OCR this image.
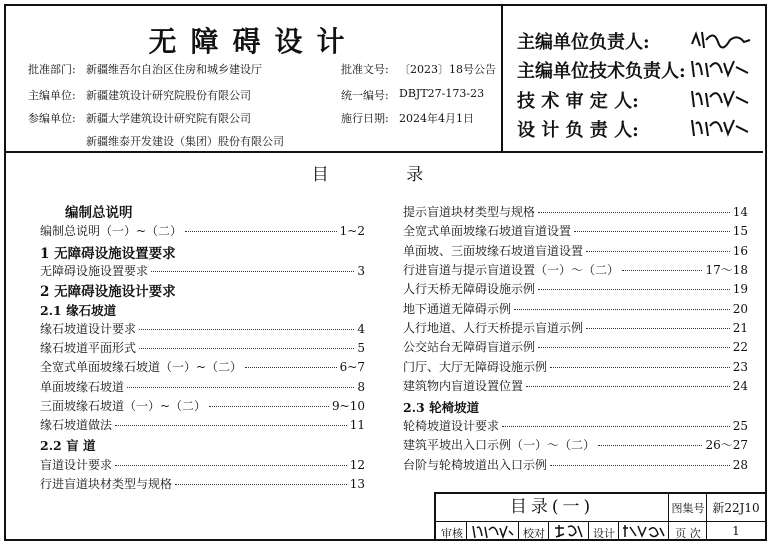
无障碍设计
批准部门: 新疆维吾尔自治区住房和城乡建设厅
主编单位: 新疆建筑设计研究院股份有限公司
参编单位: 新疆大学建筑设计研究院有限公司
新疆维泰开发建设（集团）股份有限公司
批准文号: 〔2023〕18号公告
统一编号: DBJT27-173-23
施行日期: 2024年4月1日
主编单位负责人:
主编单位技术负责人:
技 术 审 定 人:
设 计 负 责 人:
目 录
编制总说明
编制总说明（一）~（二）	1~2
1 无障碍设施设置要求
无障碍设施设置要求	3
2 无障碍设施设计要求
2.1 缘石坡道
缘石坡道设计要求	4
缘石坡道平面形式	5
全宽式单面坡缘石坡道（一）~（二）	6~7
单面坡缘石坡道	8
三面坡缘石坡道（一）~（二）	9~10
缘石坡道做法	11
2.2 盲 道
盲道设计要求	12
行进盲道块材类型与规格	13
提示盲道块材类型与规格	14
全宽式单面坡缘石坡道盲道设置	15
单面坡、三面坡缘石坡道盲道设置	16
行进盲道与提示盲道设置（一）～（二）	17～18
人行天桥无障碍设施示例	19
地下通道无障碍示例	20
人行地道、人行天桥提示盲道示例	21
公交站台无障碍盲道示例	22
门厅、大厅无障碍设施示例	23
建筑物内盲道设置位置	24
2.3 轮椅坡道
轮椅坡道设计要求	25
建筑平坡出入口示例（一）～（二）	26～27
台阶与轮椅坡道出入口示例	28
目录(一)	图集号 新22J10
审核	校对	设计	页 次	1
